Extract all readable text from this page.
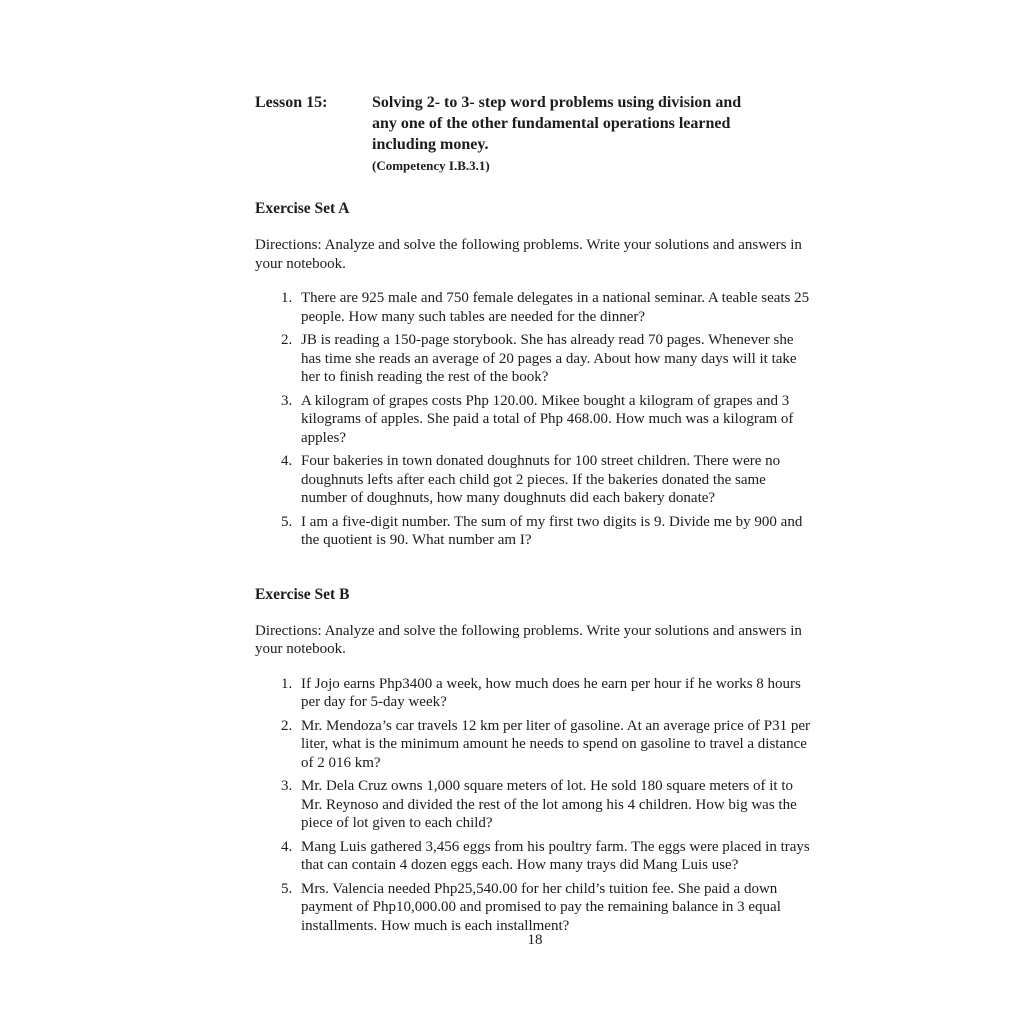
Lesson 15:	Solving 2- to 3- step word problems using division and
any one of the other fundamental operations learned
including money.
(Competency I.B.3.1)
Exercise Set A

Directions: Analyze and solve the following problems. Write your solutions and answers in your notebook.

1. There are 925 male and 750 female delegates in a national seminar. A teable seats 25 people. How many such tables are needed for the dinner?
2. JB is reading a 150-page storybook. She has already read 70 pages. Whenever she has time she reads an average of 20 pages a day. About how many days will it take her to finish reading the rest of the book?
3. A kilogram of grapes costs Php 120.00. Mikee bought a kilogram of grapes and 3 kilograms of apples. She paid a total of Php 468.00. How much was a kilogram of apples?
4. Four bakeries in town donated doughnuts for 100 street children. There were no doughnuts lefts after each child got 2 pieces. If the bakeries donated the same number of doughnuts, how many doughnuts did each bakery donate?
5. I am a five-digit number. The sum of my first two digits is 9. Divide me by 900 and the quotient is 90. What number am I?
Exercise Set B

Directions: Analyze and solve the following problems. Write your solutions and answers in your notebook.

1. If Jojo earns Php3400 a week, how much does he earn per hour if he works 8 hours per day for 5-day week?
2. Mr. Mendoza’s car travels 12 km per liter of gasoline. At an average price of P31 per liter, what is the minimum amount he needs to spend on gasoline to travel a distance of 2 016 km?
3. Mr. Dela Cruz owns 1,000 square meters of lot. He sold 180 square meters of it to Mr. Reynoso and divided the rest of the lot among his 4 children. How big was the piece of lot given to each child?
4. Mang Luis gathered 3,456 eggs from his poultry farm. The eggs were placed in trays that can contain 4 dozen eggs each. How many trays did Mang Luis use?
5. Mrs. Valencia needed Php25,540.00 for her child’s tuition fee. She paid a down payment of Php10,000.00 and promised to pay the remaining balance in 3 equal installments. How much is each installment?
18
